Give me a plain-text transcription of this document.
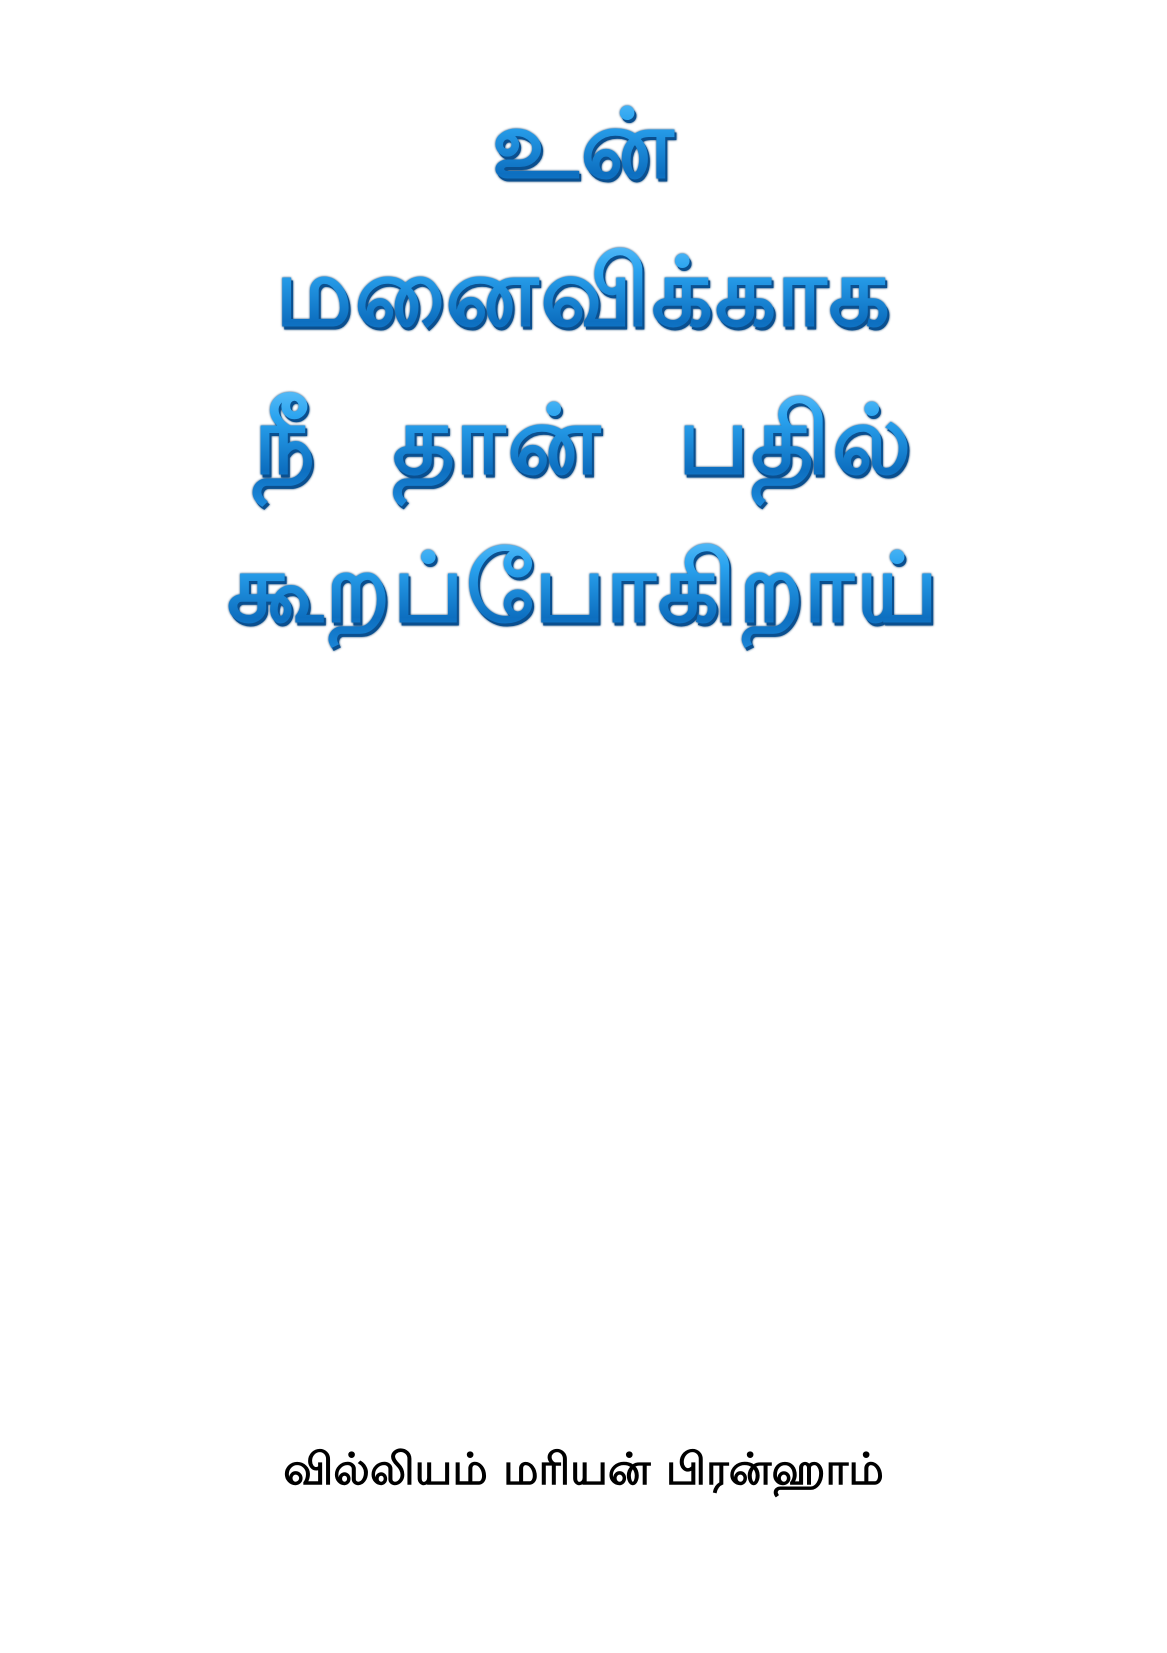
உன்
மனைவிக்காக
நீ தான் பதில்
கூறப்போகிறாய்
வில்லியம் மரியன் பிரன்ஹாம்
